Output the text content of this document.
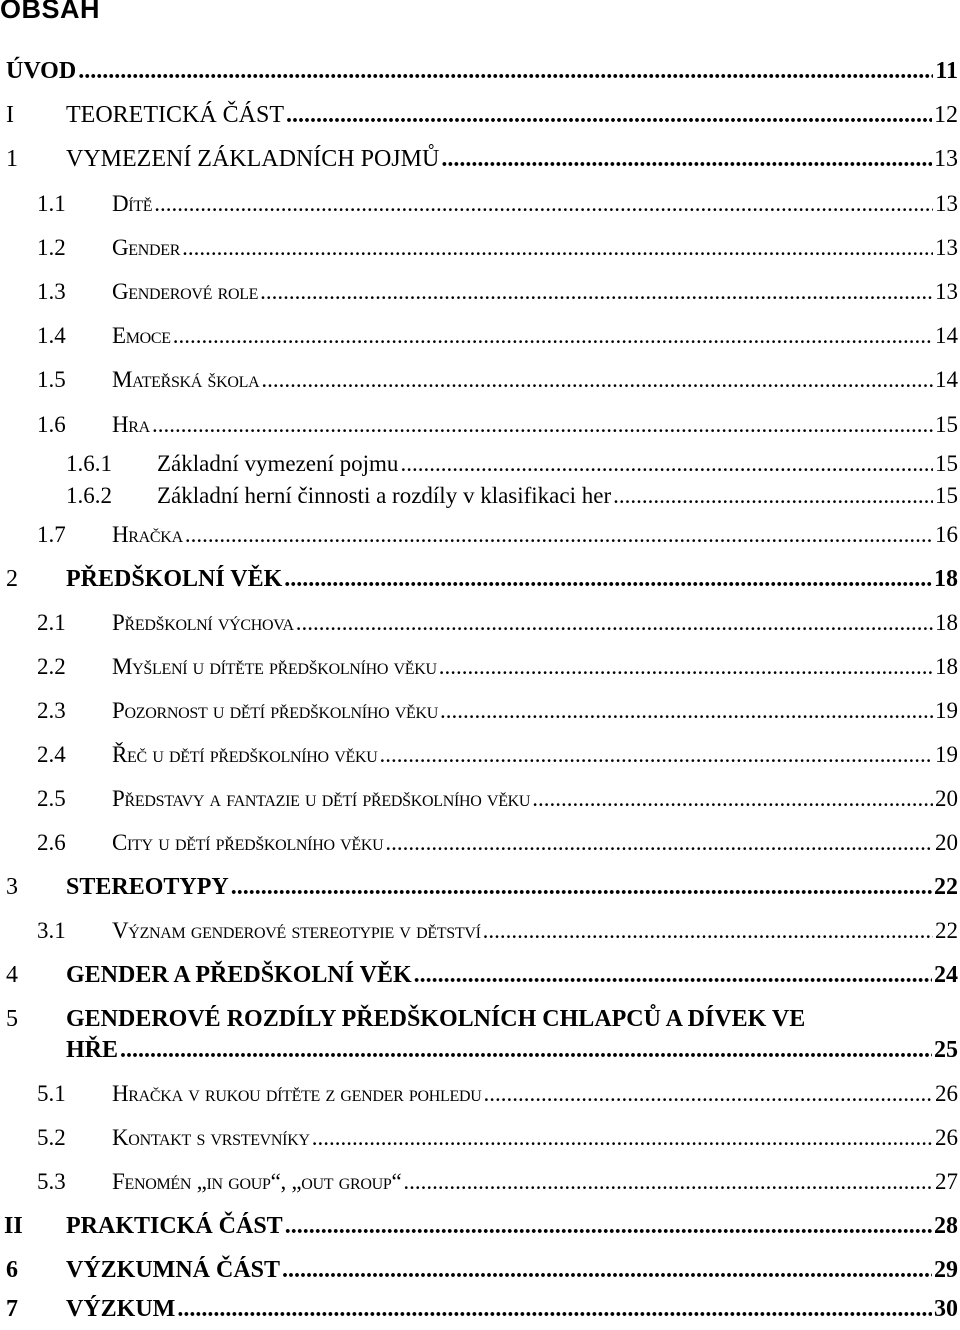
OBSAH
ÚVOD .....	11
I TEORETICKÁ ČÁST .....	12
1 VYMEZENÍ ZÁKLADNÍCH POJMŮ .....	13
1.1 Dítě .....	13
1.2 Gender .....	13
1.3 Genderové role .....	13
1.4 Emoce .....	14
1.5 Mateřská škola .....	14
1.6 Hra .....	15
1.6.1 Základní vymezení pojmu .....	15
1.6.2 Základní herní činnosti a rozdíly v klasifikaci her .....	15
1.7 Hračka .....	16
2 PŘEDŠKOLNÍ VĚK .....	18
2.1 Předškolní výchova .....	18
2.2 Myšlení u dítěte předškolního věku .....	18
2.3 Pozornost u dětí předškolního věku .....	19
2.4 Řeč u dětí předškolního věku .....	19
2.5 Představy a fantazie u dětí předškolního věku .....	20
2.6 City u dětí předškolního věku .....	20
3 STEREOTYPY .....	22
3.1 Význam genderové stereotypie v dětství .....	22
4 GENDER A PŘEDŠKOLNÍ VĚK .....	24
5 GENDEROVÉ ROZDÍLY PŘEDŠKOLNÍCH CHLAPCŮ A DÍVEK VE
HŘE .....	25
5.1 Hračka v rukou dítěte z gender pohledu .....	26
5.2 Kontakt s vrstevníky .....	26
5.3 Fenomén „in goup“, „out group“ .....	27
II PRAKTICKÁ ČÁST .....	28
6 VÝZKUMNÁ ČÁST .....	29
7 VÝZKUM .....	30
